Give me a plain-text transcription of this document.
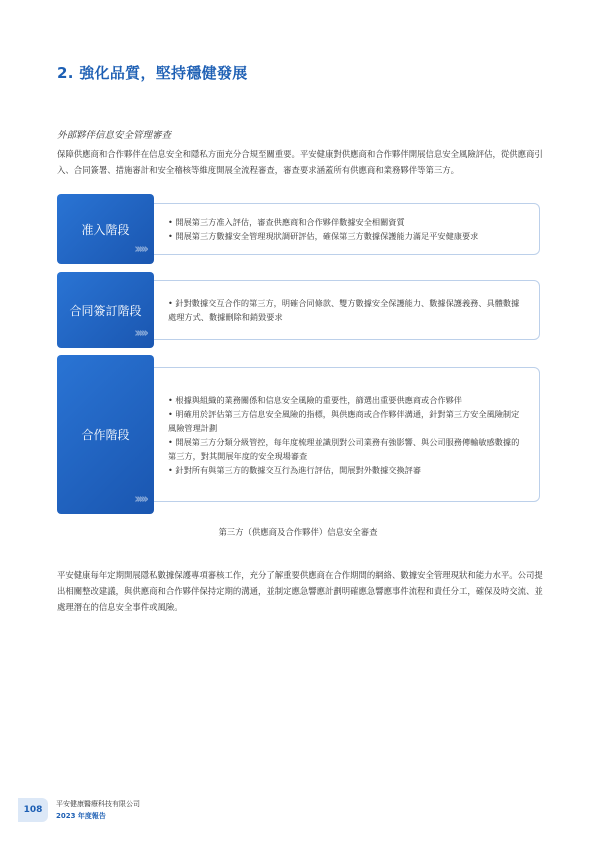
2. 強化品質，堅持穩健發展
外部夥伴信息安全管理審查

保障供應商和合作夥伴在信息安全和隱私方面充分合規至關重要。平安健康對供應商和合作夥伴開展信息安全風險評估，從供應商引入、合同簽署、措施審計和安全稽核等維度開展全流程審查，審查要求涵蓋所有供應商和業務夥伴等第三方。

• 開展第三方准入評估，審查供應商和合作夥伴數據安全相關資質
• 開展第三方數據安全管理現狀調研評估，確保第三方數據保護能力滿足平安健康要求
准入階段
›››››
• 針對數據交互合作的第三方，明確合同條款、雙方數據安全保護能力、數據保護義務、具體數據處理方式、數據刪除和銷毀要求
合同簽訂階段
›››››
• 根據與組織的業務關係和信息安全風險的重要性，篩選出重要供應商或合作夥伴
• 明確用於評估第三方信息安全風險的指標，與供應商或合作夥伴溝通，針對第三方安全風險制定風險管理計劃
• 開展第三方分類分級管控，每年度梳理並識別對公司業務有強影響、與公司服務傳輸敏感數據的第三方，對其開展年度的安全現場審查
• 針對所有與第三方的數據交互行為進行評估，開展對外數據交換評審
合作階段
›››››
第三方（供應商及合作夥伴）信息安全審查

平安健康每年定期開展隱私數據保護專項審核工作，充分了解重要供應商在合作期間的網絡、數據安全管理現狀和能力水平。公司提出相關整改建議，與供應商和合作夥伴保持定期的溝通，並制定應急響應計劃明確應急響應事件流程和責任分工，確保及時交流、並處理潛在的信息安全事件或風險。

108
平安健康醫療科技有限公司
2023 年度報告
